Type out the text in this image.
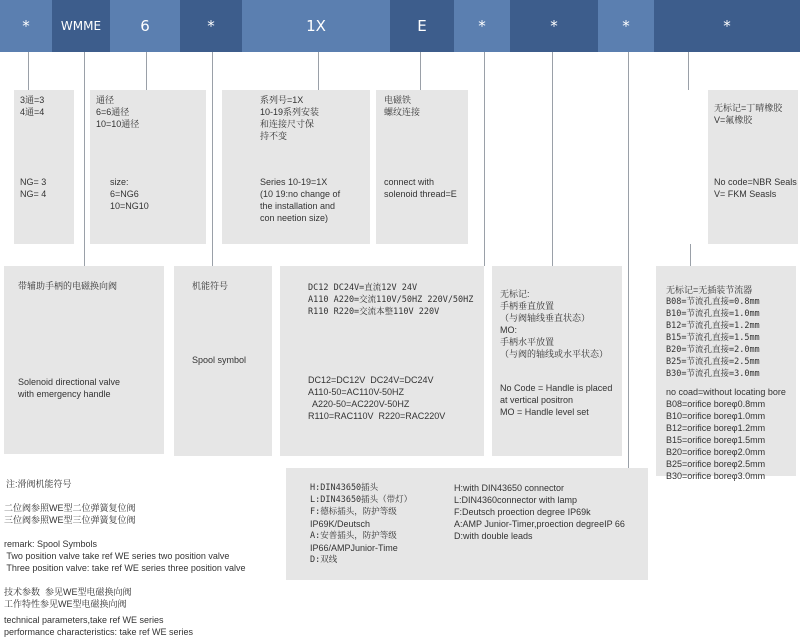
*	WMME	6	*	1X	E	*	*	*	*
3通=3
4通=4
NG= 3
NG= 4
通径
6=6通径
10=10通径
size:
6=NG6
10=NG10
系列号=1X
10-19系列安装
和连接尺寸保
持不变
Series 10-19=1X
(10 19:no change of
the installation and
con neetion size)
电磁铁
螺纹连接
connect with
solenoid thread=E
无标记=丁晴橡胶
V=氟橡胶
No code=NBR Seals
V= FKM Seasls
带辅助手柄的电磁换向阀
Solenoid directional valve
with emergency handle
机能符号
Spool symbol
DC12 DC24V=直流12V 24V
A110 A220=交流110V/50HZ 220V/50HZ
R110 R220=交流本整110V 220V
DC12=DC12V  DC24V=DC24V
A110-50=AC110V-50HZ
A220-50=AC220V-50HZ
R110=RAC110V  R220=RAC220V
无标记:
手柄垂直放置
（与阀轴线垂直状态）
MO:
手柄水平放置
（与阀的轴线或水平状态）
No Code = Handle is placed
at vertical positron
MO = Handle level set
无标记=无插装节流器
B08=节流孔直接=0.8mm
B10=节流孔直接=1.0mm
B12=节流孔直接=1.2mm
B15=节流孔直接=1.5mm
B20=节流孔直接=2.0mm
B25=节流孔直接=2.5mm
B30=节流孔直接=3.0mm
no coad=without locating bore
B08=orifice boreφ0.8mm
B10=orifice boreφ1.0mm
B12=orifice boreφ1.2mm
B15=orifice boreφ1.5mm
B20=orifice boreφ2.0mm
B25=orifice boreφ2.5mm
B30=orifice boreφ3.0mm
H:DIN43650插头
L:DIN43650插头（带灯）
F:德标插头，防护等级
IP69K/Deutsch
A:安普插头，防护等级
IP66/AMPJunior-Time
D:双线
H:with DIN43650 connector
L:DIN4360connector with lamp
F:Deutsch proection degree IP69k
A:AMP Junior-Timer,proection degreeIP 66
D:with double leads
注:滑阀机能符号
二位阀参照WE型二位弹簧复位阀
三位阀参照WE型三位弹簧复位阀
remark: Spool Symbols
Two position valve take ref WE series two position valve
Three position valve: take ref WE series three position valve
技术参数  参见WE型电磁换向阀
工作特性参见WE型电磁换向阀
technical parameters,take ref WE series
performance characteristics: take ref WE series
